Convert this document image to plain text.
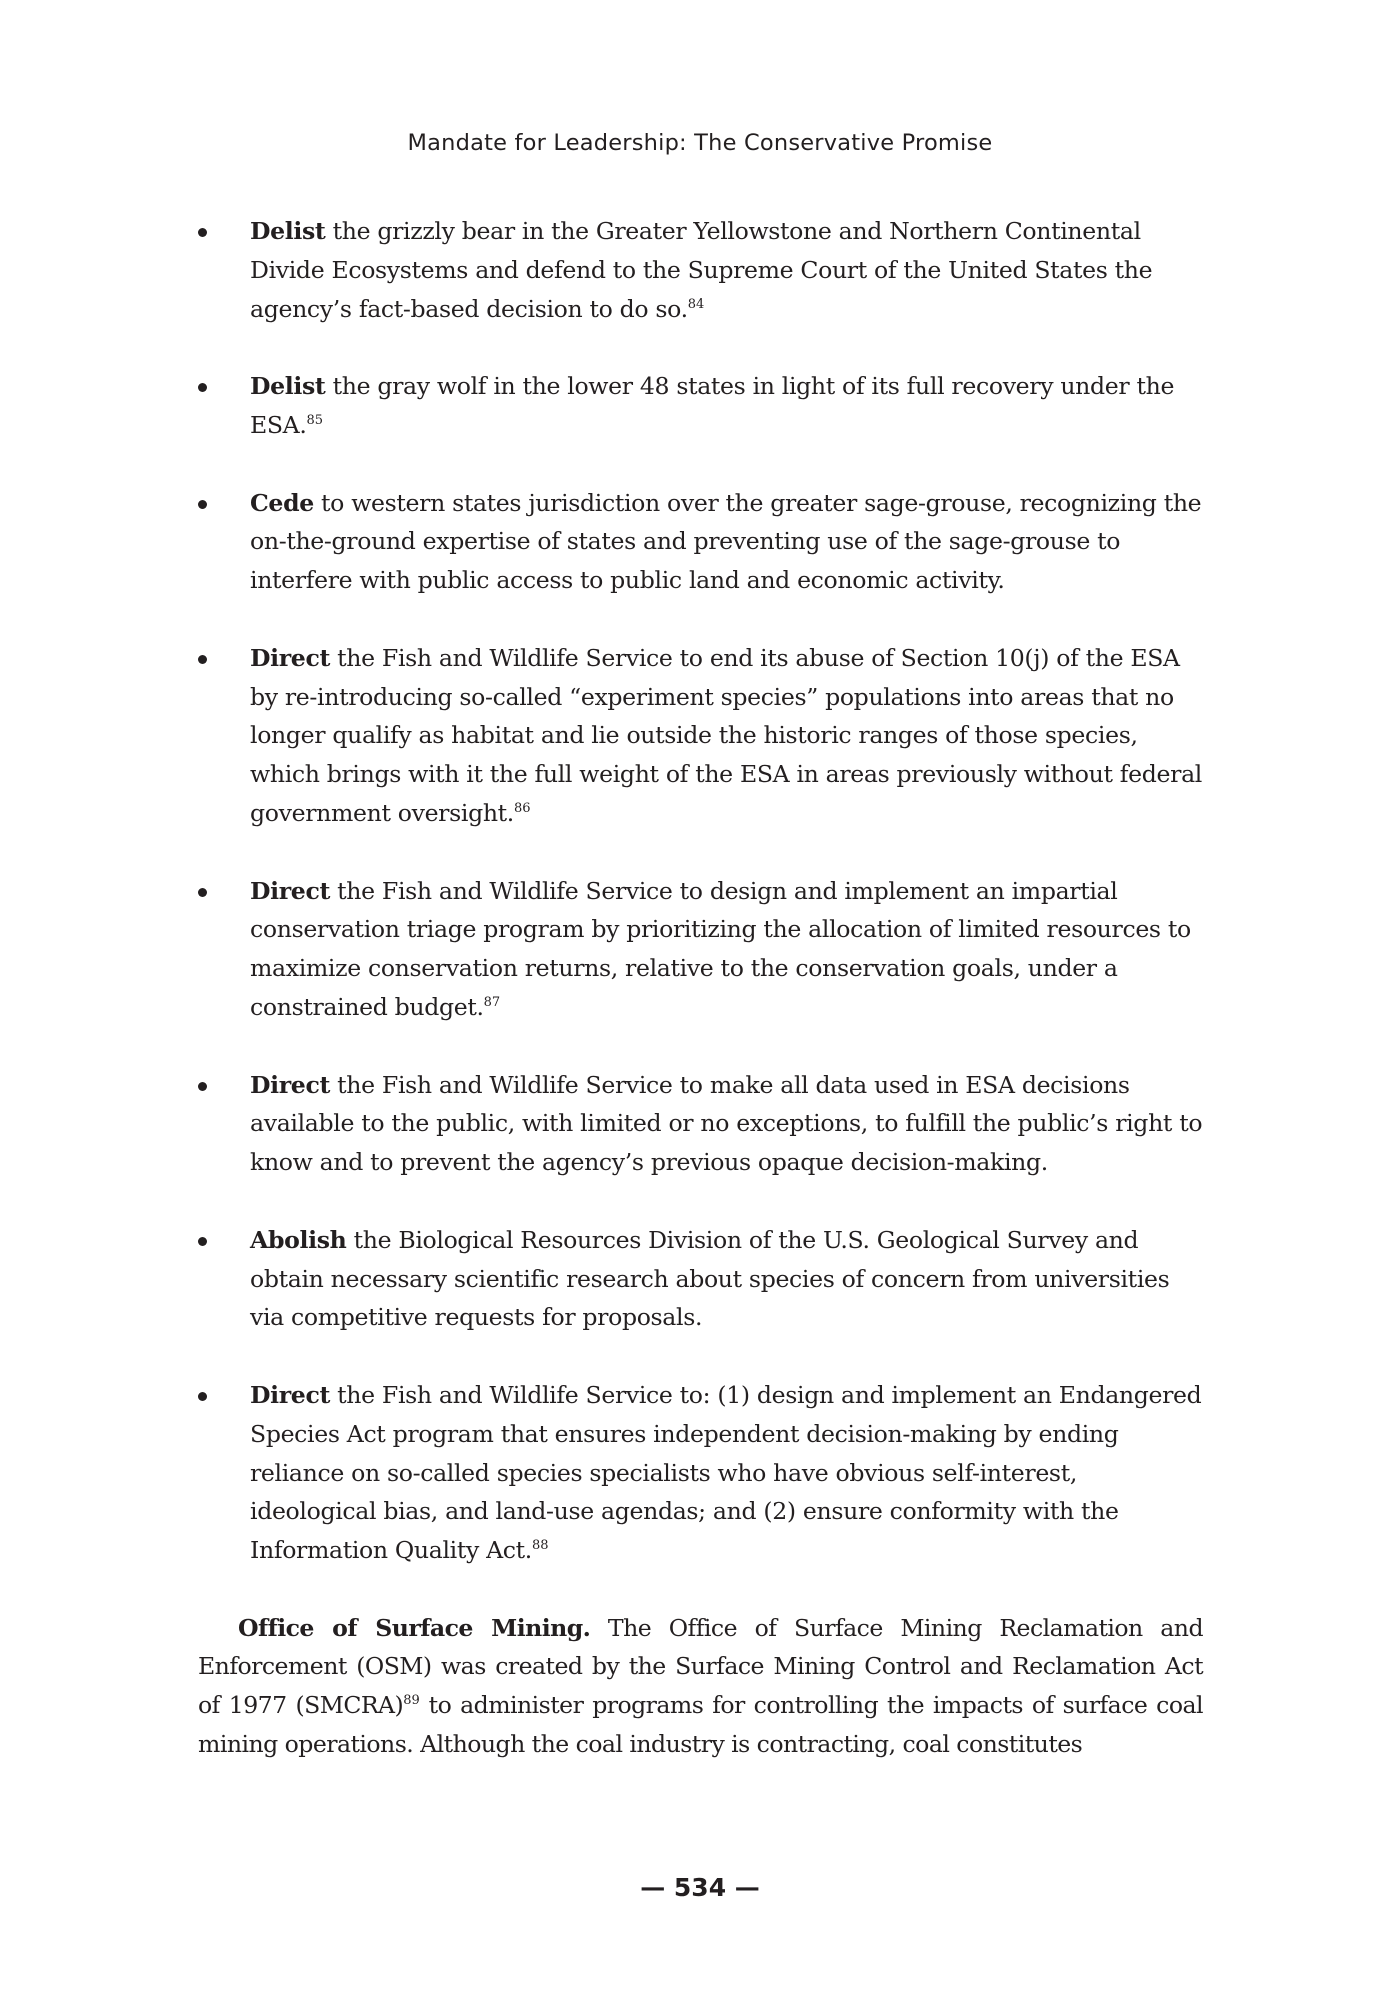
Mandate for Leadership: The Conservative Promise
Delist the grizzly bear in the Greater Yellowstone and Northern Continental Divide Ecosystems and defend to the Supreme Court of the United States the agency’s fact-based decision to do so.$^{84}$
Delist the gray wolf in the lower 48 states in light of its full recovery under the ESA.$^{85}$
Cede to western states jurisdiction over the greater sage-grouse, recognizing the on-the-ground expertise of states and preventing use of the sage-grouse to interfere with public access to public land and economic activity.
Direct the Fish and Wildlife Service to end its abuse of Section 10(j) of the ESA by re-introducing so-called “experiment species” populations into areas that no longer qualify as habitat and lie outside the historic ranges of those species, which brings with it the full weight of the ESA in areas previously without federal government oversight.$^{86}$
Direct the Fish and Wildlife Service to design and implement an impartial conservation triage program by prioritizing the allocation of limited resources to maximize conservation returns, relative to the conservation goals, under a constrained budget.$^{87}$
Direct the Fish and Wildlife Service to make all data used in ESA decisions available to the public, with limited or no exceptions, to fulfill the public’s right to know and to prevent the agency’s previous opaque decision-making.
Abolish the Biological Resources Division of the U.S. Geological Survey and obtain necessary scientific research about species of concern from universities via competitive requests for proposals.
Direct the Fish and Wildlife Service to: (1) design and implement an Endangered Species Act program that ensures independent decision-making by ending reliance on so-called species specialists who have obvious self-interest, ideological bias, and land-use agendas; and (2) ensure conformity with the Information Quality Act.$^{88}$

Office of Surface Mining. The Office of Surface Mining Reclamation and Enforcement (OSM) was created by the Surface Mining Control and Reclamation Act of 1977 (SMCRA)$^{89}$ to administer programs for controlling the impacts of surface coal mining operations. Although the coal industry is contracting, coal constitutes

— 534 —
